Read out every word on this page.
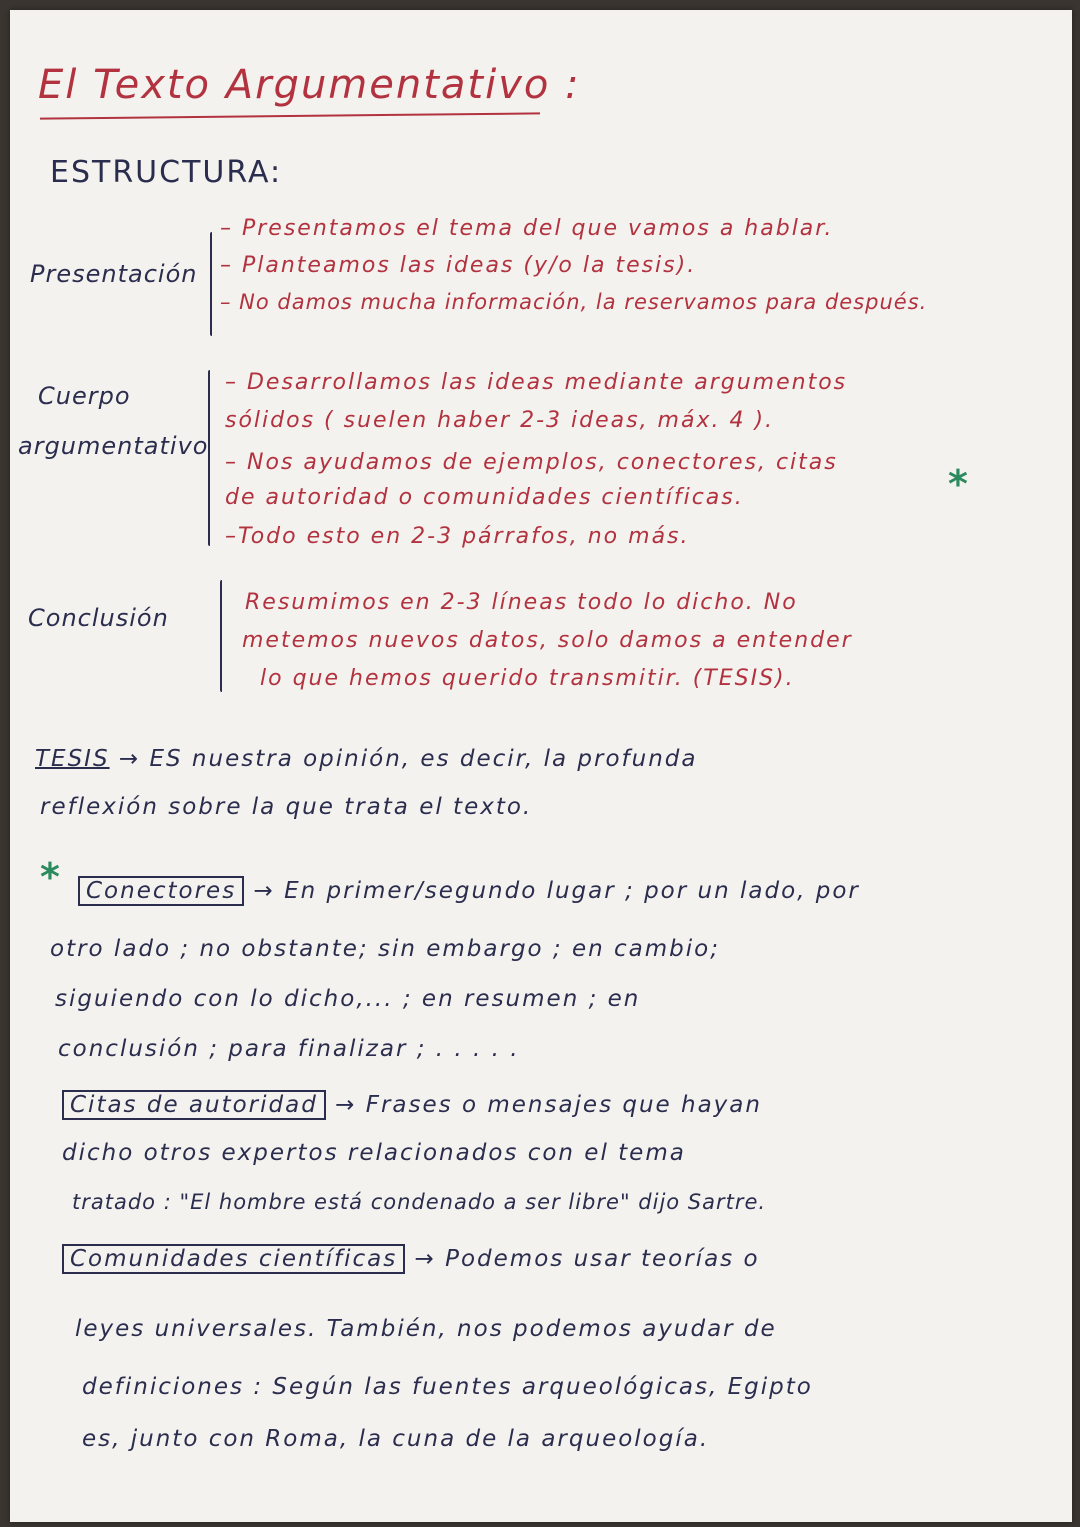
El Texto Argumentativo :
ESTRUCTURA:
Presentación
– Presentamos el tema del que vamos a hablar.
– Planteamos las ideas (y/o la tesis).
– No damos mucha información, la reservamos para después.
Cuerpo
argumentativo
– Desarrollamos las ideas mediante argumentos
sólidos ( suelen haber 2-3 ideas, máx. 4 ).
– Nos ayudamos de ejemplos, conectores, citas
de autoridad o comunidades científicas.	*
–Todo esto en 2-3 párrafos, no más.
Conclusión
Resumimos en 2-3 líneas todo lo dicho. No
metemos nuevos datos, solo damos a entender
lo que hemos querido transmitir. (TESIS).
TESIS → ES nuestra opinión, es decir, la profunda
reflexión sobre la que trata el texto.
*	Conectores → En primer/segundo lugar ; por un lado, por
otro lado ; no obstante; sin embargo ; en cambio;
siguiendo con lo dicho,... ; en resumen ; en
conclusión ; para finalizar ; . . . . .
Citas de autoridad → Frases o mensajes que hayan
dicho otros expertos relacionados con el tema
tratado : "El hombre está condenado a ser libre" dijo Sartre.
Comunidades científicas → Podemos usar teorías o
leyes universales. También, nos podemos ayudar de
definiciones : Según las fuentes arqueológicas, Egipto
es, junto con Roma, la cuna de la arqueología.
